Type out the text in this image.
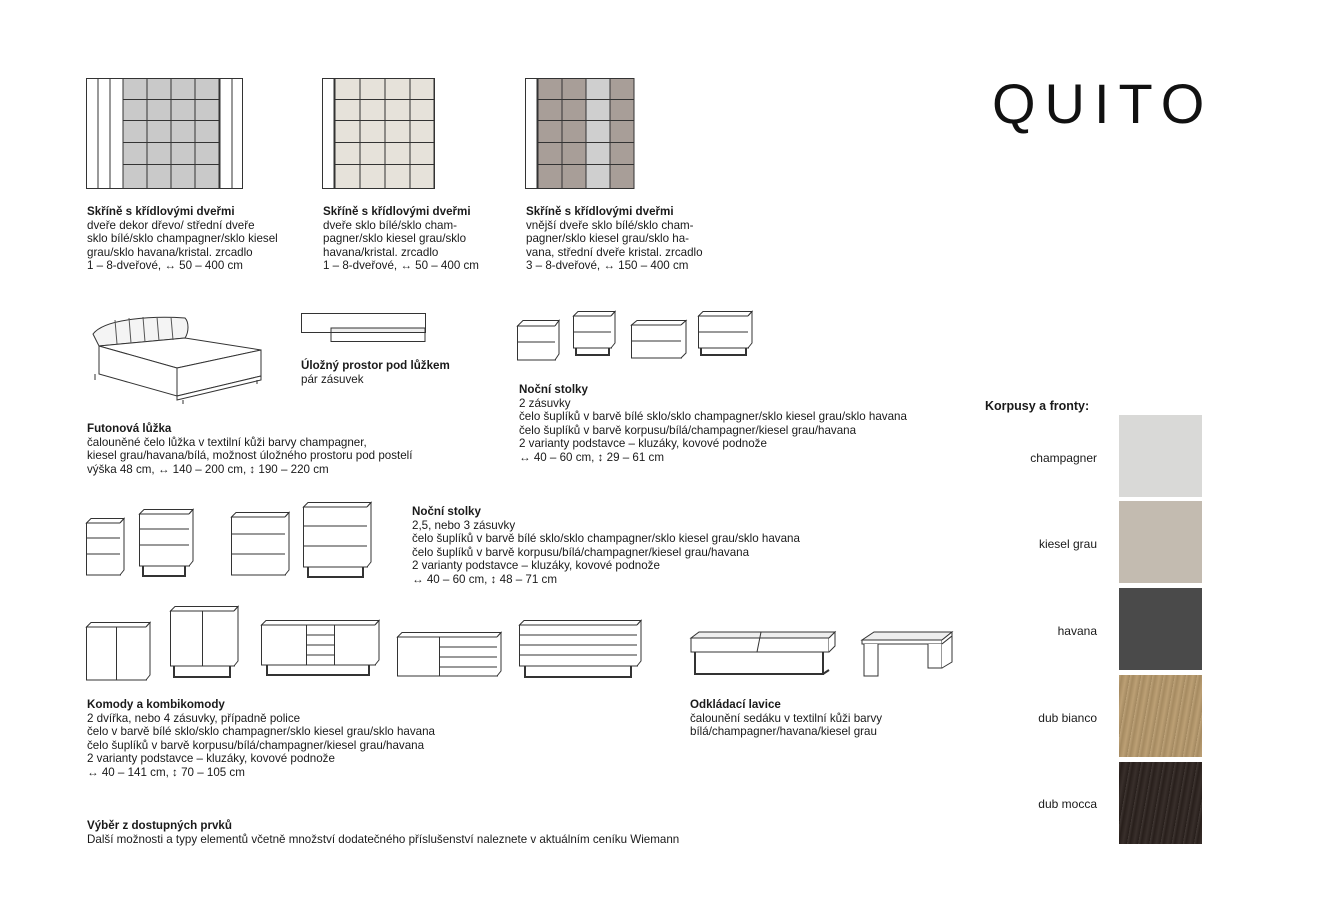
QUITO
Skříně s křídlovými dveřmi
dveře dekor dřevo/ střední dveře
sklo bílé/sklo champagner/sklo kiesel
grau/sklo havana/kristal. zrcadlo
1 – 8-dveřové, ↔ 50 – 400 cm
Skříně s křídlovými dveřmi
dveře sklo bílé/sklo cham-
pagner/sklo kiesel grau/sklo
havana/kristal. zrcadlo
1 – 8-dveřové, ↔ 50 – 400 cm
Skříně s křídlovými dveřmi
vnější dveře sklo bílé/sklo cham-
pagner/sklo kiesel grau/sklo ha-
vana, střední dveře kristal. zrcadlo
3 – 8-dveřové, ↔ 150 – 400 cm
Úložný prostor pod lůžkem
pár zásuvek
Futonová lůžka
čalouněné čelo lůžka v textilní kůži barvy champagner,
kiesel grau/havana/bílá, možnost úložného prostoru pod postelí
výška 48 cm, ↔ 140 – 200 cm, ↕ 190 – 220 cm
Noční stolky
2 zásuvky
čelo šuplíků v barvě bílé sklo/sklo champagner/sklo kiesel grau/sklo havana
čelo šuplíků v barvě korpusu/bílá/champagner/kiesel grau/havana
2 varianty podstavce – kluzáky, kovové podnože
↔ 40 – 60 cm, ↕ 29 – 61 cm
Noční stolky
2,5, nebo 3 zásuvky
čelo šuplíků v barvě bílé sklo/sklo champagner/sklo kiesel grau/sklo havana
čelo šuplíků v barvě korpusu/bílá/champagner/kiesel grau/havana
2 varianty podstavce – kluzáky, kovové podnože
↔ 40 – 60 cm, ↕ 48 – 71 cm
Komody a kombikomody
2 dvířka, nebo 4 zásuvky, případně police
čelo v barvě bílé sklo/sklo champagner/sklo kiesel grau/sklo havana
čelo šuplíků v barvě korpusu/bílá/champagner/kiesel grau/havana
2 varianty podstavce – kluzáky, kovové podnože
↔ 40 – 141 cm, ↕ 70 – 105 cm
Odkládací lavice
čalounění sedáku v textilní kůži barvy
bílá/champagner/havana/kiesel grau
Výběr z dostupných prvků
Další možnosti a typy elementů včetně množství dodatečného příslušenství naleznete v aktuálním ceníku Wiemann
Korpusy a fronty:
champagner
kiesel grau
havana
dub bianco
dub mocca
